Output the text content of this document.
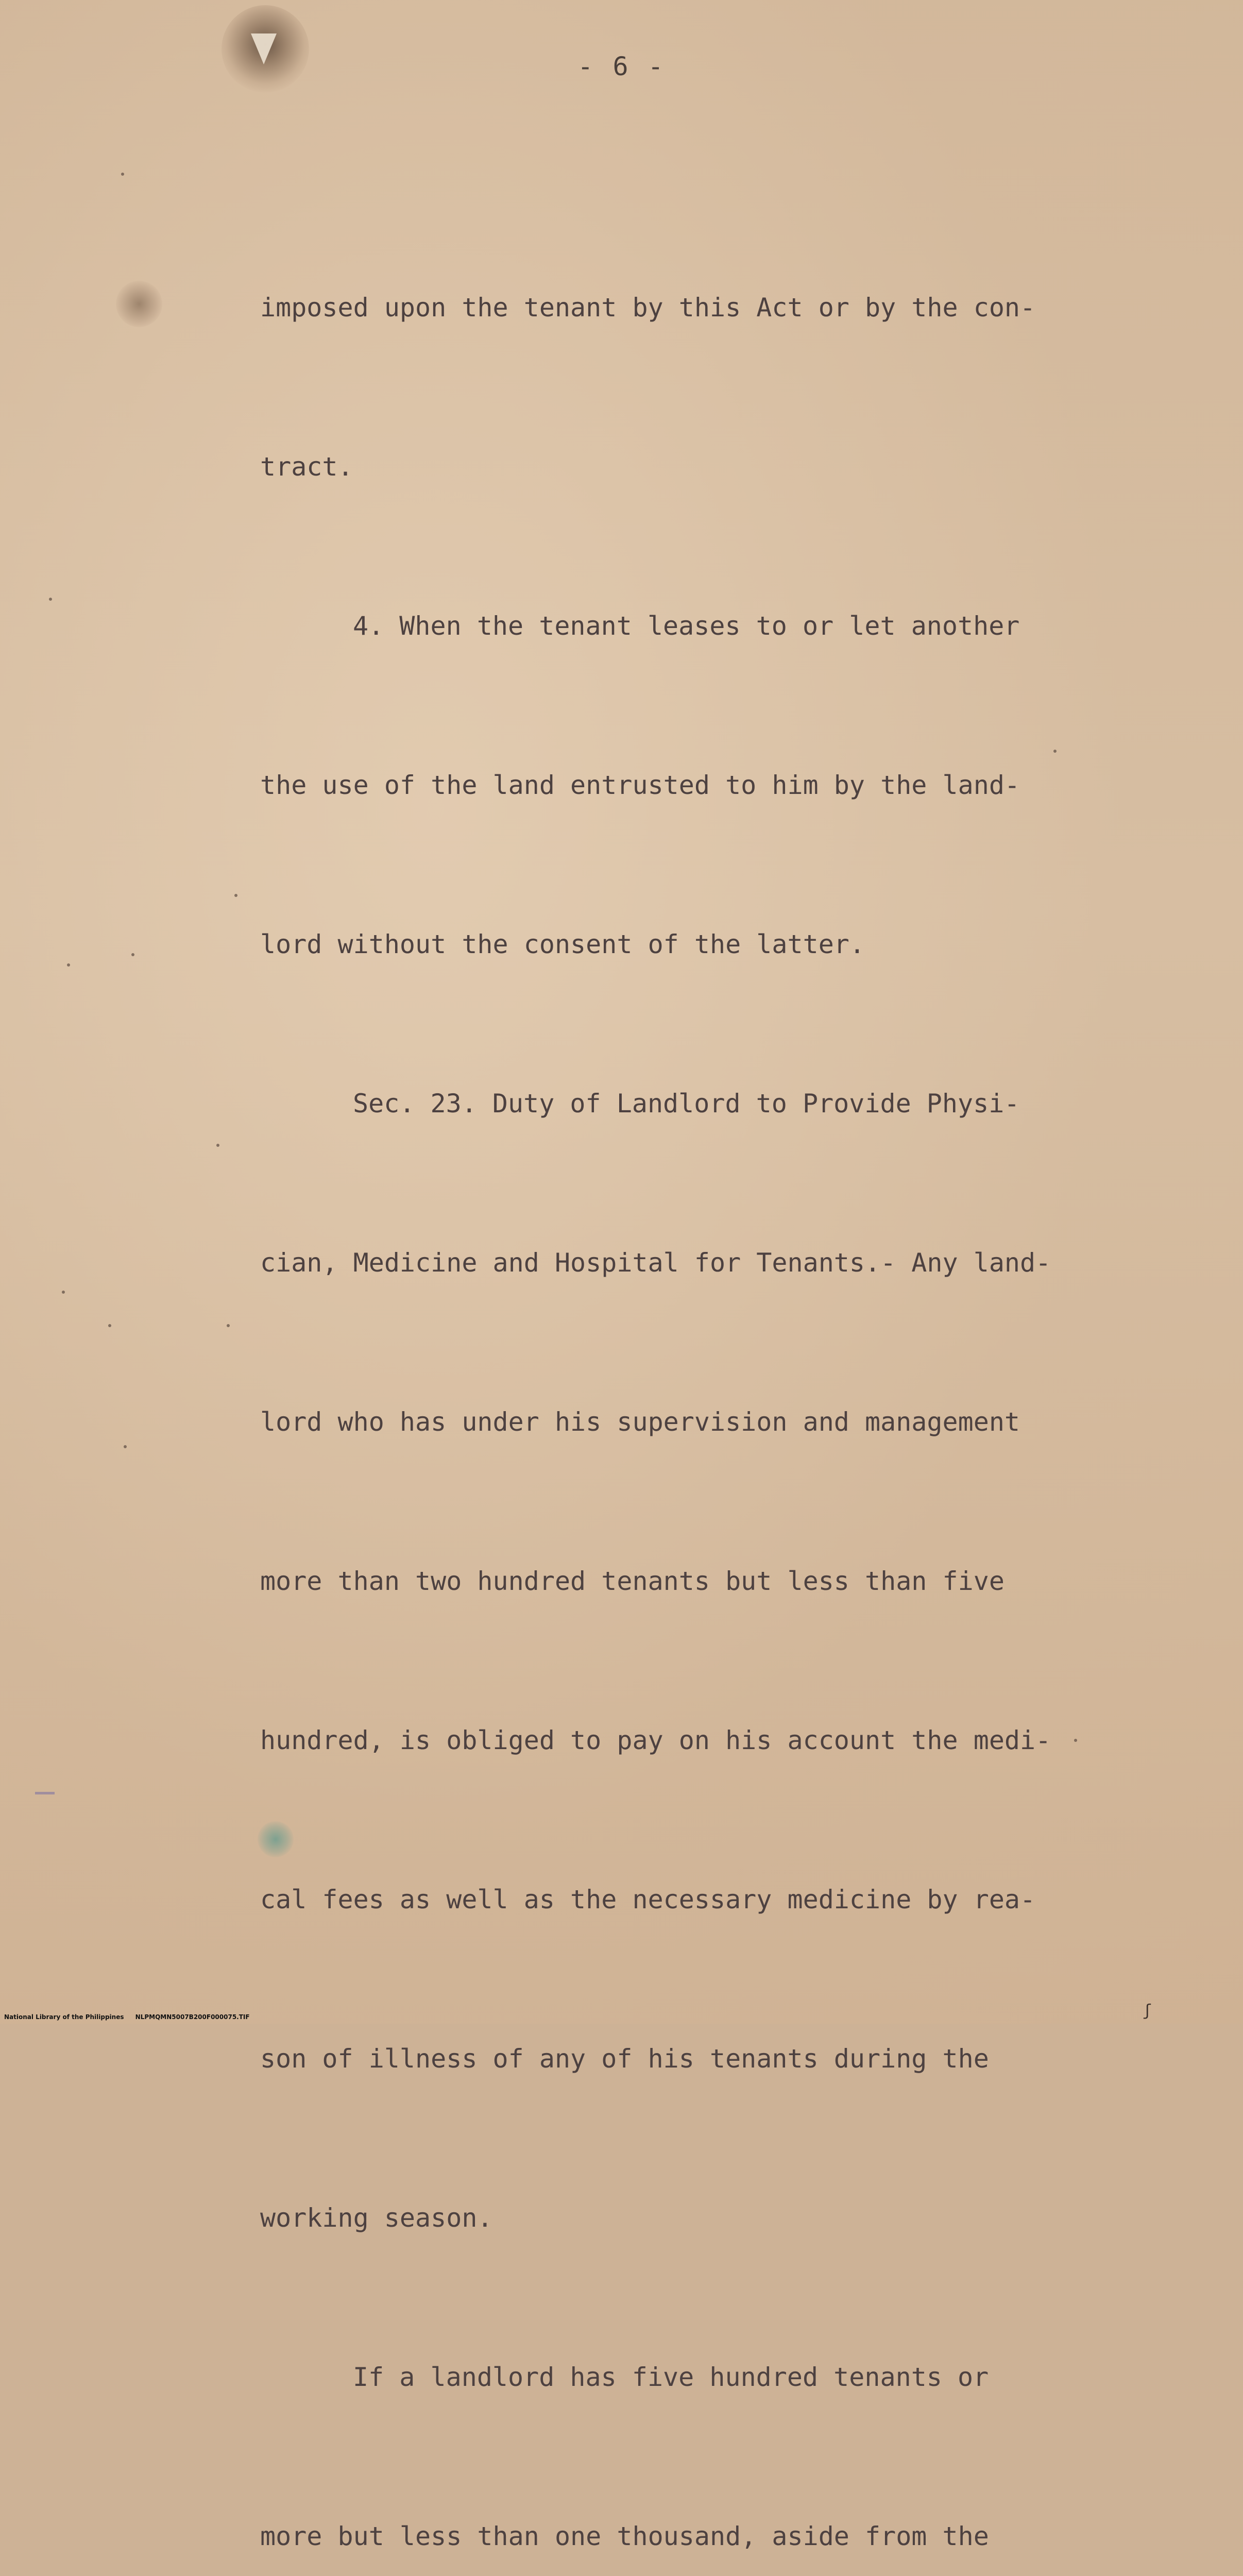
- 6 -

imposed upon the tenant by this Act or by the con-

tract.

4. When the tenant leases to or let another

the use of the land entrusted to him by the land-

lord without the consent of the latter.

Sec. 23. Duty of Landlord to Provide Physi-

cian, Medicine and Hospital for Tenants.- Any land-

lord who has under his supervision and management

more than two hundred tenants but less than five

hundred, is obliged to pay on his account the medi-

cal fees as well as the necessary medicine by rea-

son of illness of any of his tenants during the

working season.

If a landlord has five hundred tenants or

more but less than one thousand, aside from the

National Library of the Philippines NLPMQMN5007B200F000075.TIF	ʃ
